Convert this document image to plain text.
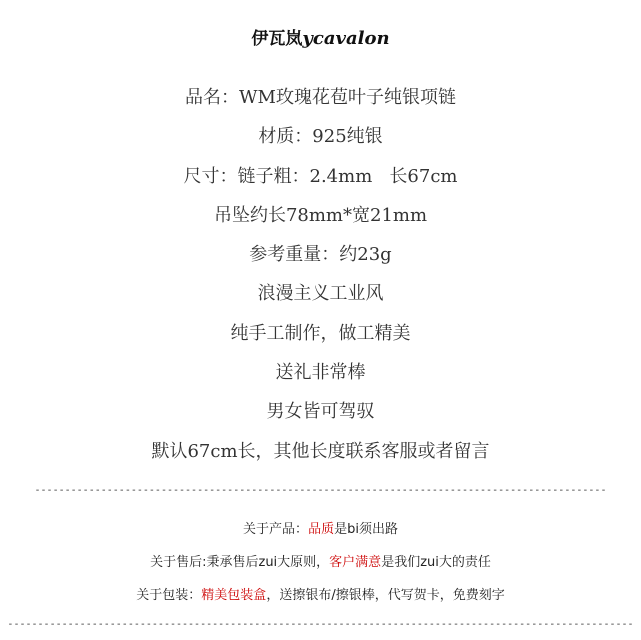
伊瓦岚ycavalon
品名：WM玫瑰花苞叶子纯银项链
材质：925纯银
尺寸：链子粗：2.4mm   长67cm
吊坠约长78mm*宽21mm
参考重量：约23g
浪漫主义工业风
纯手工制作，做工精美
送礼非常棒
男女皆可驾驭
默认67cm长，其他长度联系客服或者留言
-----------------------------------------------------------------------------------------------
关于产品：品质是bi须出路
关于售后:秉承售后zui大原则，客户满意是我们zui大的责任
关于包装：精美包装盒，送擦银布/擦银棒，代写贺卡，免费刻字
--------------------------------------------------------------------------------------------------------
